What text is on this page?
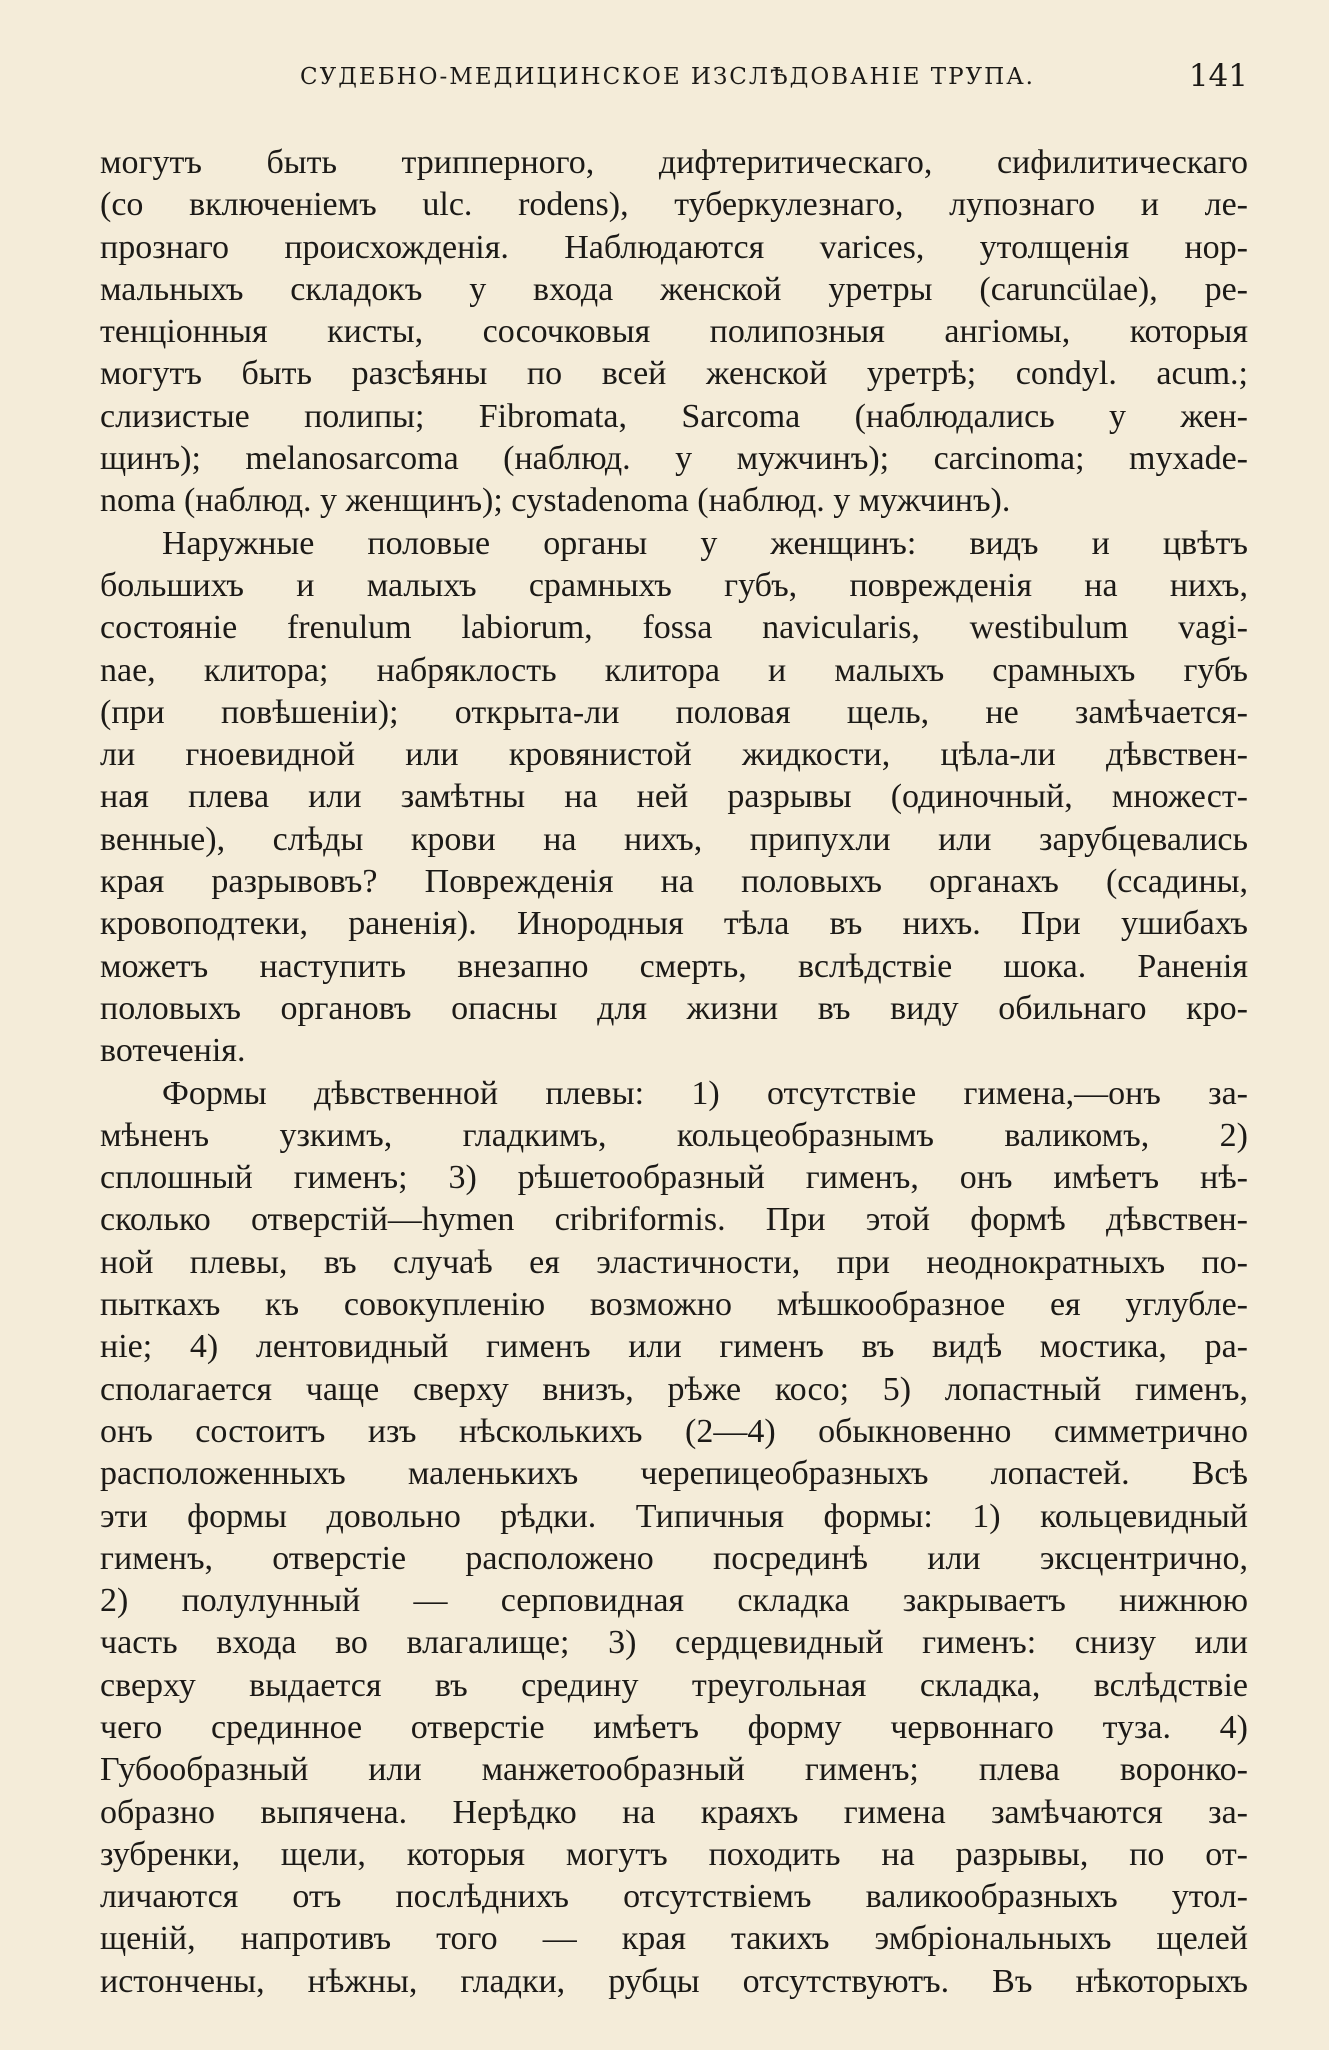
СУДЕБНО-МЕДИЦИНСКОЕ ИЗСЛѢДОВАНІЕ ТРУПА.	141
могутъ быть трипперного, дифтеритическаго, сифилитическаго
(со включеніемъ ulc. rodens), туберкулезнаго, лупознаго и ле-
прознаго происхожденія. Наблюдаются varices, утолщенія нор-
мальныхъ складокъ у входа женской уретры (caruncülae), ре-
тенціонныя кисты, сосочковыя полипозныя ангіомы, которыя
могутъ быть разсѣяны по всей женской уретрѣ; condyl. acum.;
слизистые полипы; Fibromata, Sarcoma (наблюдались у жен-
щинъ); melanosarcoma (наблюд. у мужчинъ); carcinoma; myxade-
noma (наблюд. у женщинъ); cystadenoma (наблюд. у мужчинъ).
Наружные половые органы у женщинъ: видъ и цвѣтъ
большихъ и малыхъ срамныхъ губъ, поврежденія на нихъ,
состояніе frenulum labiorum, fossa navicularis, westibulum vagi-
nae, клитора; набряклость клитора и малыхъ срамныхъ губъ
(при повѣшеніи); открыта-ли половая щель, не замѣчается-
ли гноевидной или кровянистой жидкости, цѣла-ли дѣвствен-
ная плева или замѣтны на ней разрывы (одиночный, множест-
венные), слѣды крови на нихъ, припухли или зарубцевались
края разрывовъ? Поврежденія на половыхъ органахъ (ссадины,
кровоподтеки, раненія). Инородныя тѣла въ нихъ. При ушибахъ
можетъ наступить внезапно смерть, вслѣдствіе шока. Раненія
половыхъ органовъ опасны для жизни въ виду обильнаго кро-
вотеченія.
Формы дѣвственной плевы: 1) отсутствіе гимена,—онъ за-
мѣненъ узкимъ, гладкимъ, кольцеобразнымъ валикомъ, 2)
сплошный гименъ; 3) рѣшетообразный гименъ, онъ имѣетъ нѣ-
сколько отверстій—hymen cribriformis. При этой формѣ дѣвствен-
ной плевы, въ случаѣ ея эластичности, при неоднократныхъ по-
пыткахъ къ совокупленію возможно мѣшкообразное ея углубле-
ніе; 4) лентовидный гименъ или гименъ въ видѣ мостика, ра-
сполагается чаще сверху внизъ, рѣже косо; 5) лопастный гименъ,
онъ состоитъ изъ нѣсколькихъ (2—4) обыкновенно симметрично
расположенныхъ маленькихъ черепицеобразныхъ лопастей. Всѣ
эти формы довольно рѣдки. Типичныя формы: 1) кольцевидный
гименъ, отверстіе расположено посрединѣ или эксцентрично,
2) полулунный — серповидная складка закрываетъ нижнюю
часть входа во влагалище; 3) сердцевидный гименъ: снизу или
сверху выдается въ средину треугольная складка, вслѣдствіе
чего срединное отверстіе имѣетъ форму червоннаго туза. 4)
Губообразный или манжетообразный гименъ; плева воронко-
образно выпячена. Нерѣдко на краяхъ гимена замѣчаются за-
зубренки, щели, которыя могутъ походить на разрывы, по от-
личаются отъ послѣднихъ отсутствіемъ валикообразныхъ утол-
щеній, напротивъ того — края такихъ эмбріональныхъ щелей
истончены, нѣжны, гладки, рубцы отсутствуютъ. Въ нѣкоторыхъ
